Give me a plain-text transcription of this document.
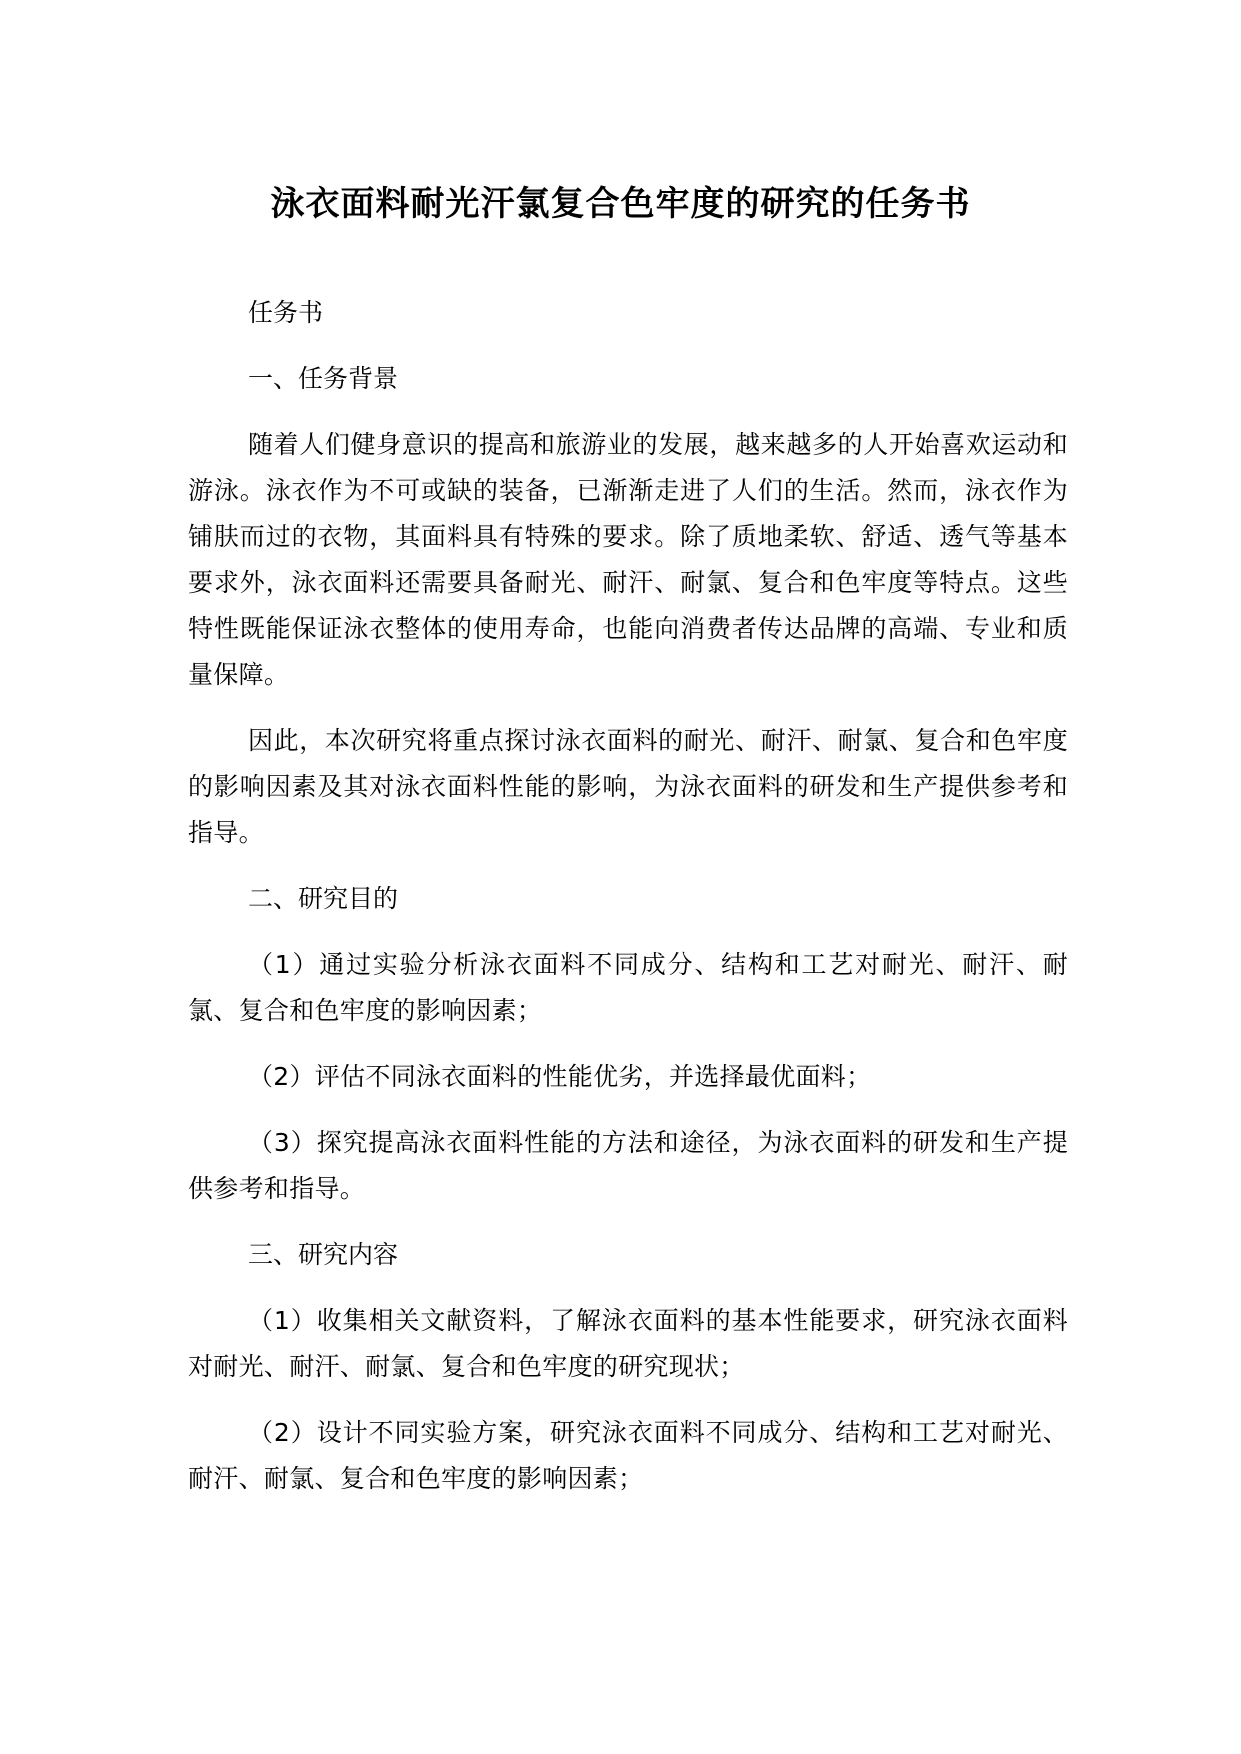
泳衣面料耐光汗氯复合色牢度的研究的任务书

任务书

一、任务背景

随着人们健身意识的提高和旅游业的发展，越来越多的人开始喜欢运动和游泳。泳衣作为不可或缺的装备，已渐渐走进了人们的生活。然而，泳衣作为铺肤而过的衣物，其面料具有特殊的要求。除了质地柔软、舒适、透气等基本要求外，泳衣面料还需要具备耐光、耐汗、耐氯、复合和色牢度等特点。这些特性既能保证泳衣整体的使用寿命，也能向消费者传达品牌的高端、专业和质量保障。

因此，本次研究将重点探讨泳衣面料的耐光、耐汗、耐氯、复合和色牢度的影响因素及其对泳衣面料性能的影响，为泳衣面料的研发和生产提供参考和指导。

二、研究目的

（1）通过实验分析泳衣面料不同成分、结构和工艺对耐光、耐汗、耐氯、复合和色牢度的影响因素；

（2）评估不同泳衣面料的性能优劣，并选择最优面料；

（3）探究提高泳衣面料性能的方法和途径，为泳衣面料的研发和生产提供参考和指导。

三、研究内容

（1）收集相关文献资料，了解泳衣面料的基本性能要求，研究泳衣面料对耐光、耐汗、耐氯、复合和色牢度的研究现状；

（2）设计不同实验方案，研究泳衣面料不同成分、结构和工艺对耐光、耐汗、耐氯、复合和色牢度的影响因素；
